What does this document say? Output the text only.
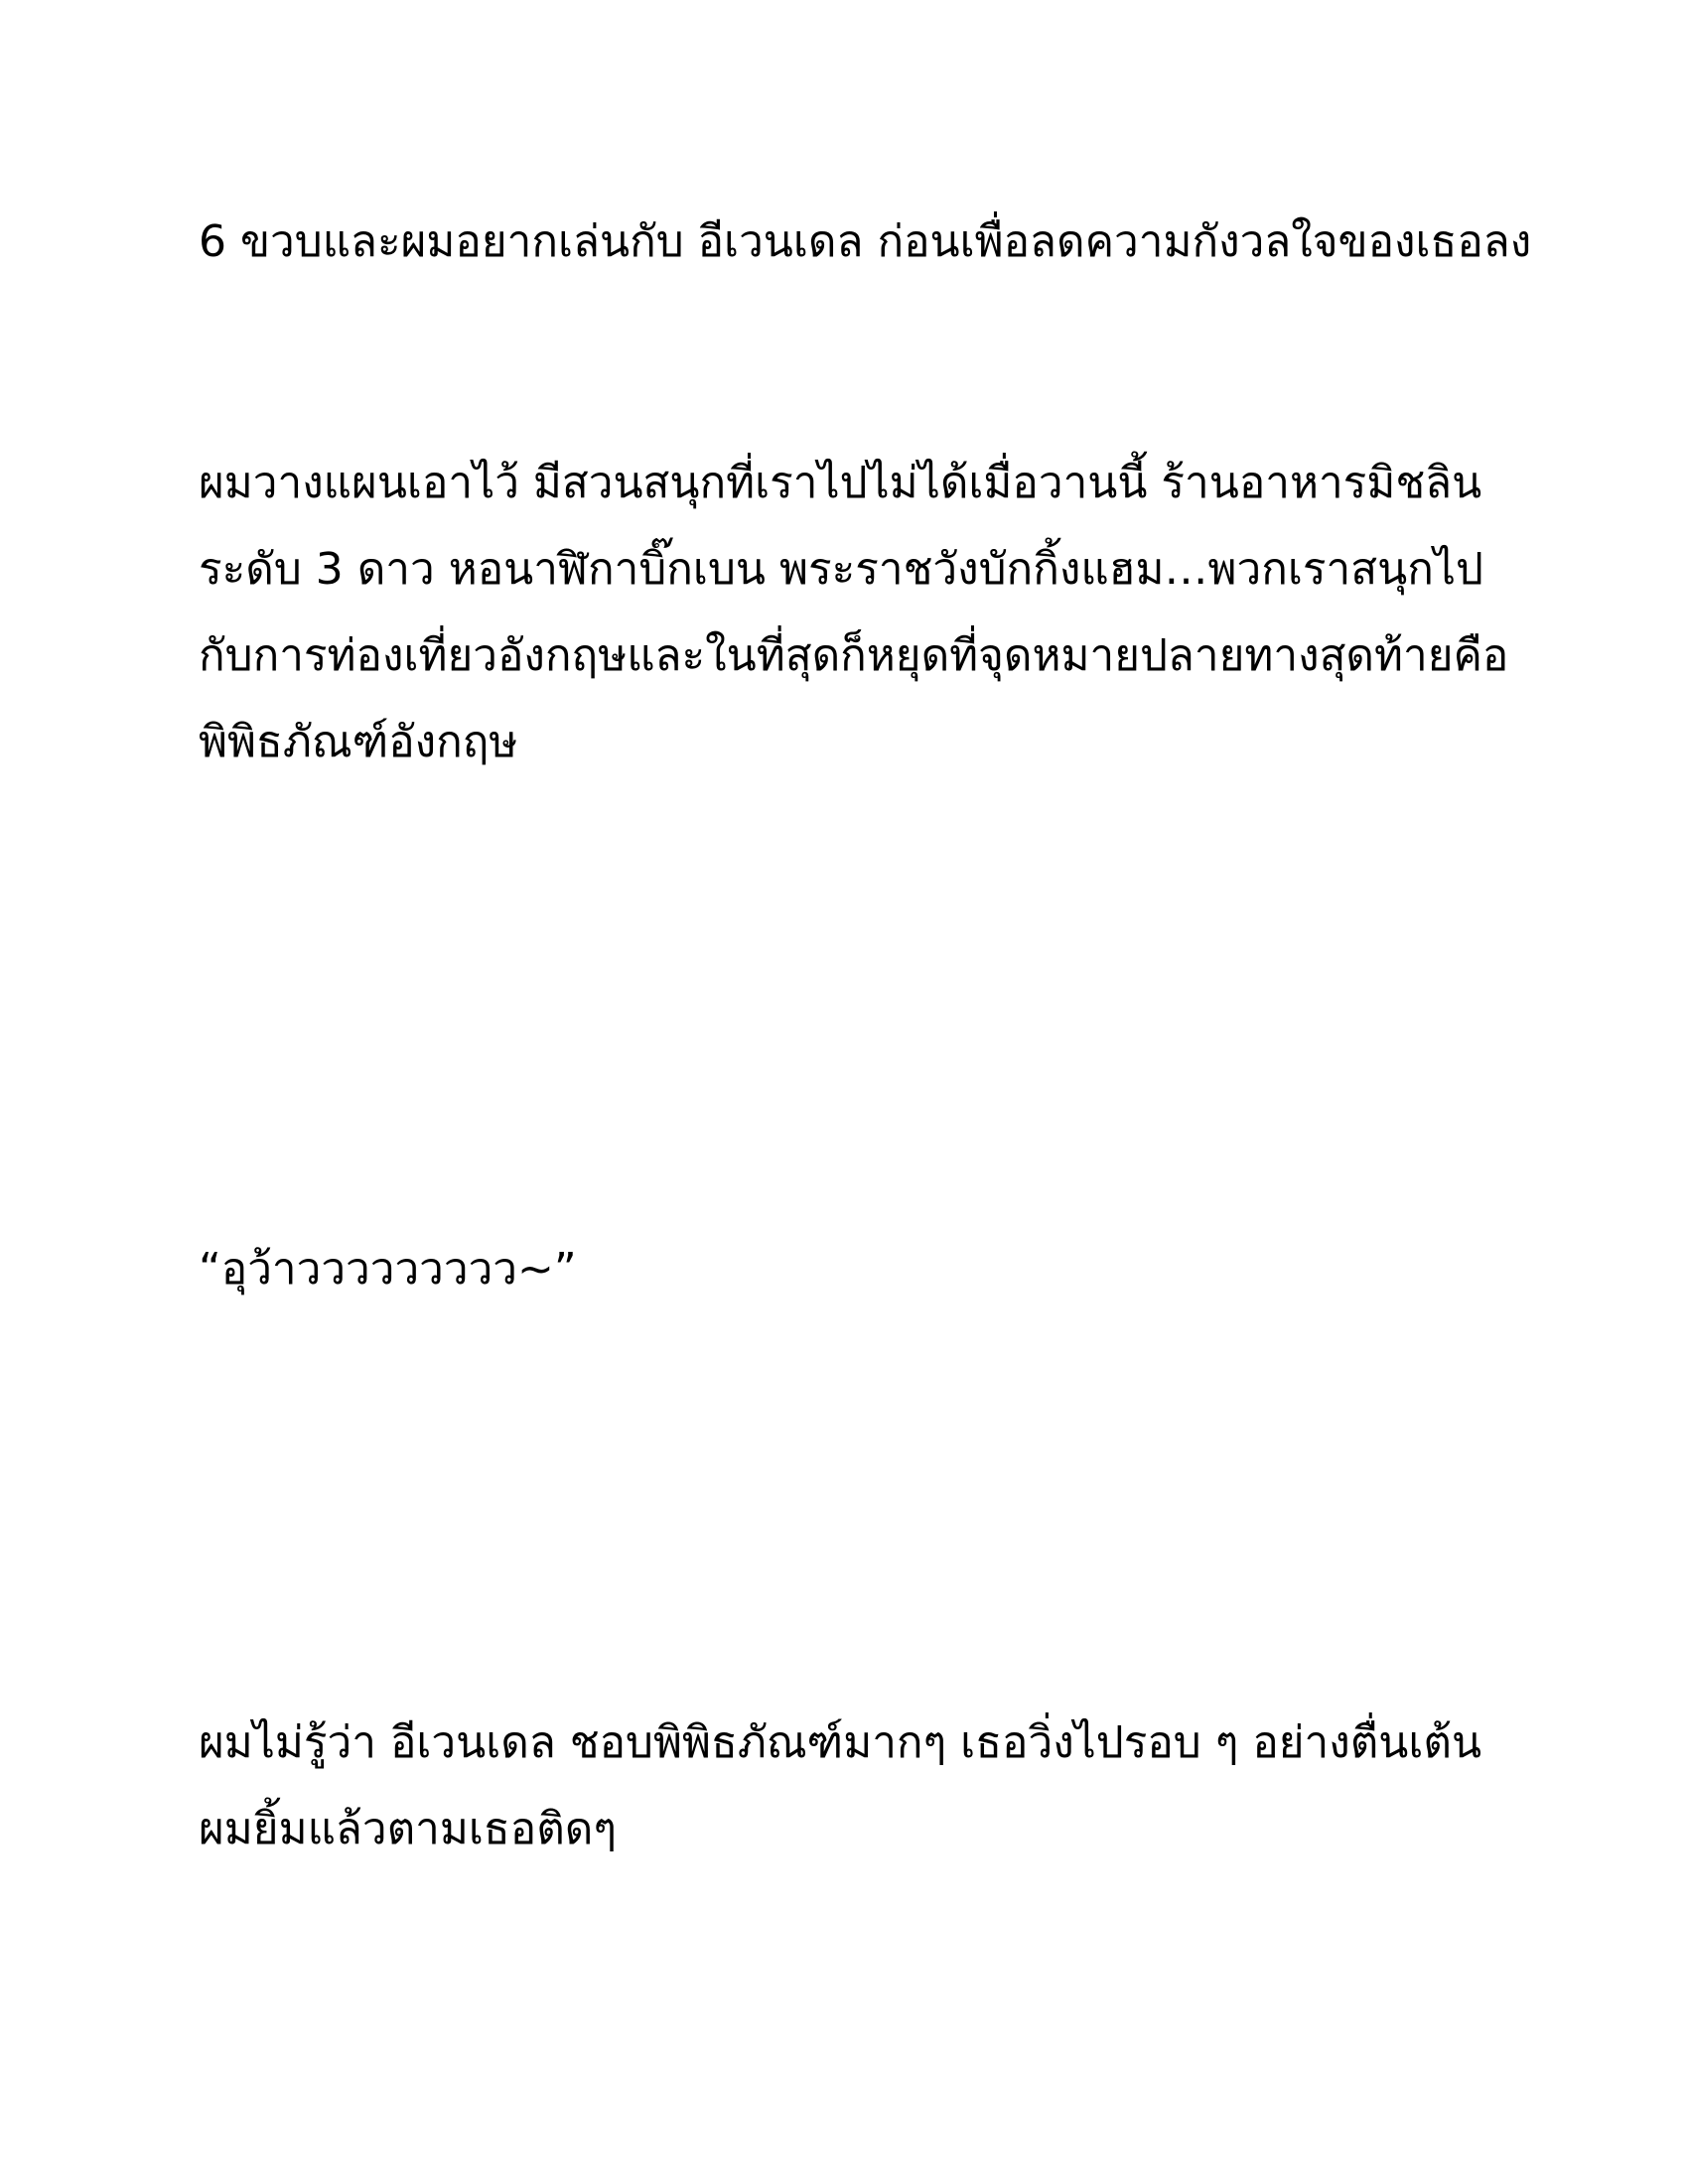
6 ขวบและผมอยากเล่นกับ อีเวนเดล ก่อนเพื่อลดความกังวลใจของเธอลง

ผมวางแผนเอาไว้ มีสวนสนุกที่เราไปไม่ได้เมื่อวานนี้ ร้านอาหารมิชลิน
ระดับ 3 ดาว หอนาฬิกาบิ๊กเบน พระราชวังบักกิ้งแฮม…พวกเราสนุกไป
กับการท่องเที่ยวอังกฤษและในที่สุดก็หยุดที่จุดหมายปลายทางสุดท้ายคือ
พิพิธภัณฑ์อังกฤษ

“อุว้าววววววววว~”

ผมไม่รู้ว่า อีเวนเดล ชอบพิพิธภัณฑ์มากๆ เธอวิ่งไปรอบ ๆ อย่างตื่นเต้น
ผมยิ้มแล้วตามเธอติดๆ
